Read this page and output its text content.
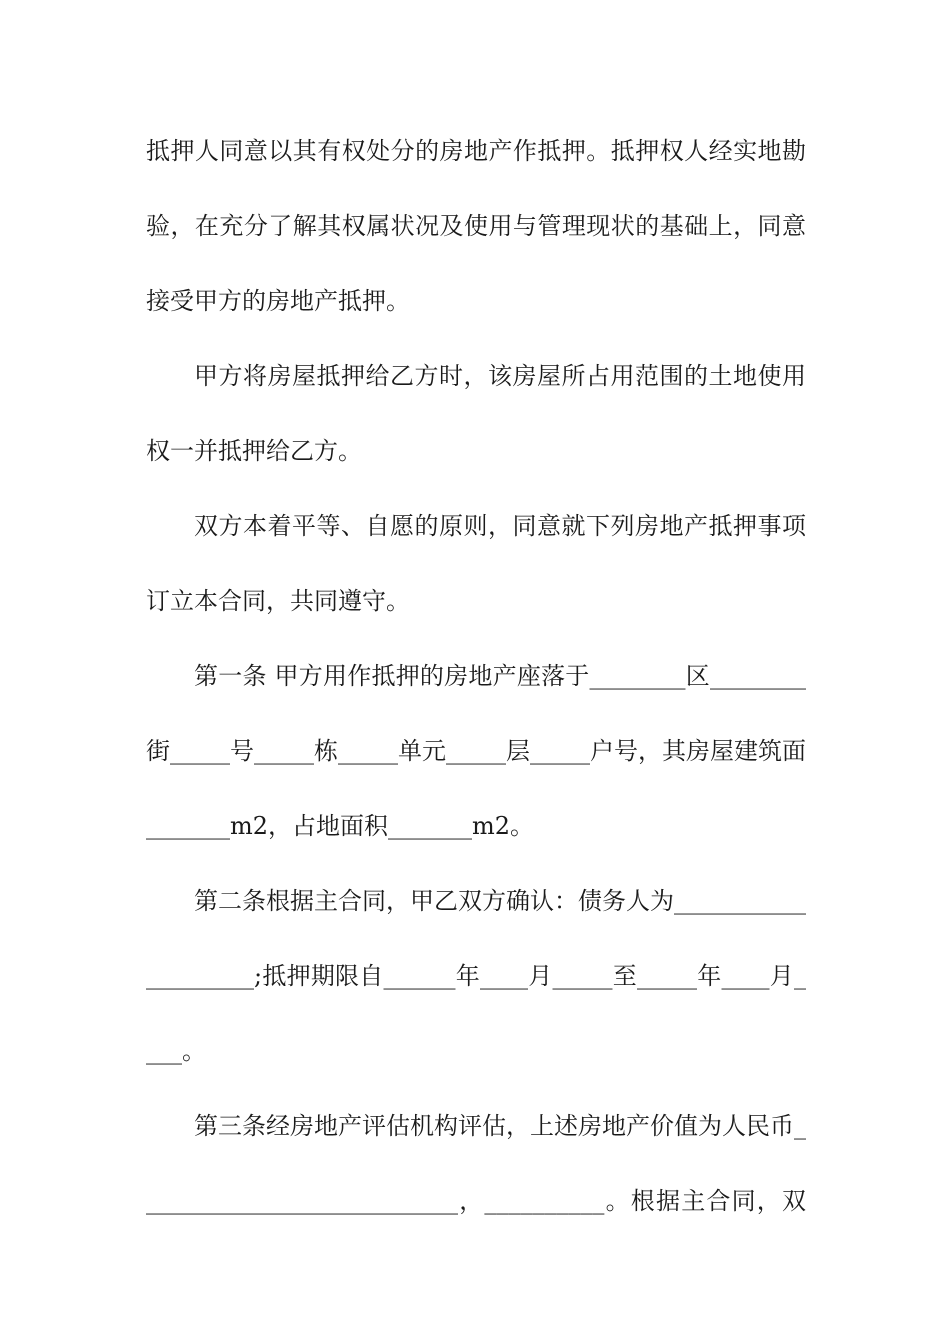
抵押人同意以其有权处分的房地产作抵押。抵押权人经实地勘
验，在充分了解其权属状况及使用与管理现状的基础上，同意
接受甲方的房地产抵押。
甲方将房屋抵押给乙方时，该房屋所占用范围的土地使用
权一并抵押给乙方。
双方本着平等、自愿的原则，同意就下列房地产抵押事项
订立本合同，共同遵守。
第一条 甲方用作抵押的房地产座落于________区________
街_____号_____栋_____单元_____层_____户号，其房屋建筑面
_______m2，占地面积_______m2。
第二条根据主合同，甲乙双方确认：债务人为___________
_________;抵押期限自______年____月_____至_____年____月_
___。
第三条经房地产评估机构评估，上述房地产价值为人民币_
__________________________，__________。根据主合同，双
